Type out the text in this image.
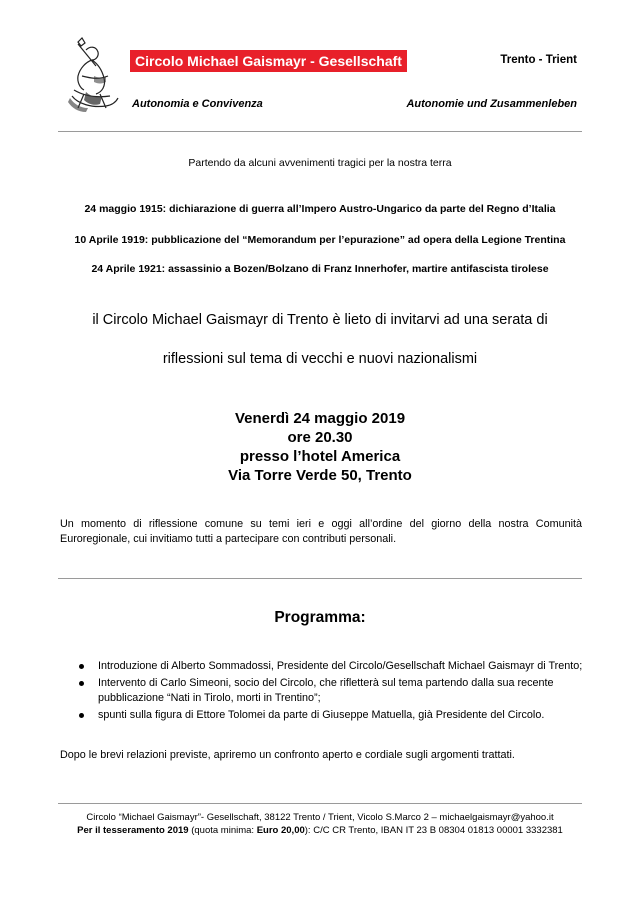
Circolo Michael Gaismayr - Gesellschaft	Trento - Trient
Autonomia e Convivenza	Autonomie und Zusammenleben
Partendo da alcuni avvenimenti tragici per la nostra terra
24 maggio 1915: dichiarazione di guerra all’Impero Austro-Ungarico da parte del Regno d’Italia
10 Aprile 1919: pubblicazione del “Memorandum per l’epurazione” ad opera della Legione Trentina
24 Aprile 1921: assassinio a Bozen/Bolzano di Franz Innerhofer, martire antifascista tirolese
il Circolo Michael Gaismayr di Trento è lieto di invitarvi ad una serata di
riflessioni sul tema di vecchi e nuovi nazionalismi
Venerdì 24 maggio 2019
ore 20.30
presso l’hotel America
Via Torre Verde 50, Trento
Un momento di riflessione comune su temi ieri e oggi all’ordine del giorno della nostra Comunità Euroregionale, cui invitiamo tutti a partecipare con contributi personali.
Programma:
Introduzione di Alberto Sommadossi, Presidente del Circolo/Gesellschaft Michael Gaismayr di Trento;
Intervento di Carlo Simeoni, socio del Circolo, che rifletterà sul tema partendo dalla sua recente pubblicazione “Nati in Tirolo, morti in Trentino”;
spunti sulla figura di Ettore Tolomei da parte di Giuseppe Matuella, già Presidente del Circolo.
Dopo le brevi relazioni previste, apriremo un confronto aperto e cordiale sugli argomenti trattati.
Circolo “Michael Gaismayr”- Gesellschaft, 38122 Trento / Trient, Vicolo S.Marco 2 – michaelgaismayr@yahoo.it
Per il tesseramento 2019 (quota minima: Euro 20,00): C/C CR Trento, IBAN IT 23 B 08304 01813 00001 3332381
